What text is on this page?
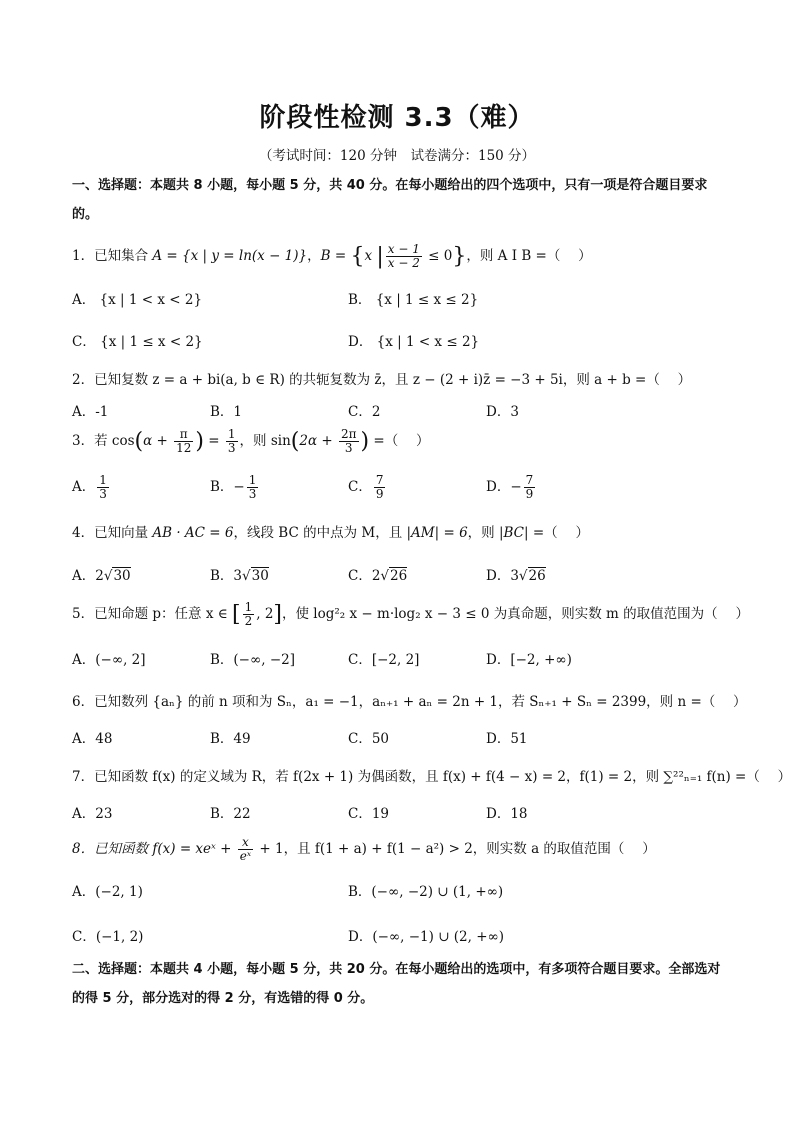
阶段性检测 3.3（难）
（考试时间：120 分钟　试卷满分：150 分）
一、选择题：本题共 8 小题，每小题 5 分，共 40 分。在每小题给出的四个选项中，只有一项是符合题目要求的。
1．已知集合 A = {x | y = ln(x − 1)}，B = {x | $\frac{x - 1}{x - 2} \le 0$}，则 A I B =（　 ）
A． {x | 1 < x < 2}	B． {x | 1 ≤ x ≤ 2}
C． {x | 1 ≤ x < 2}	D． {x | 1 < x ≤ 2}
2．已知复数 z = a + bi(a, b ∈ R) 的共轭复数为 z̄，且 z − (2 + i)z̄ = −3 + 5i，则 a + b =（　 ）
A．-1	B．1	C．2	D．3
3．若 $\cos(\alpha + \frac{\pi}{12}$ ) = $\frac{1}{3}$ ，则 $\sin(2\alpha + \frac{2\pi}{3}$ ) =（　 ）
A． $\frac{1}{3}$	B．− $\frac{1}{3}$	C． $\frac{7}{9}$	D．− $\frac{7}{9}$
4．已知向量 AB · AC = 6，线段 BC 的中点为 M，且 |AM| = 6，则 |BC| =（　 ）
A．2√30	B．3√30	C．2√26	D．3√26
5．已知命题 p：任意 x ∈ [ $\frac{1}{2}$ , 2]，使 log²₂ x − m·log₂ x − 3 ≤ 0 为真命题，则实数 m 的取值范围为（　 ）
A．(−∞, 2]	B．(−∞, −2]	C．[−2, 2]	D．[−2, +∞)
6．已知数列 {aₙ} 的前 n 项和为 Sₙ，a₁ = −1，aₙ₊₁ + aₙ = 2n + 1，若 Sₙ₊₁ + Sₙ = 2399，则 n =（　 ）
A．48	B．49	C．50	D．51
7．已知函数 f(x) 的定义域为 R，若 f(2x + 1) 为偶函数，且 f(x) + f(4 − x) = 2，f(1) = 2，则 ∑²²ₙ₌₁ f(n) =（　 ）
A．23	B．22	C．19	D．18
8．已知函数 f(x) = xeˣ + $\frac{x}{\text{eˣ}} + 1$，且 f(1 + a) + f(1 − a²) > 2，则实数 a 的取值范围（　 ）
A．(−2, 1)	B．(−∞, −2) ∪ (1, +∞)
C．(−1, 2)	D．(−∞, −1) ∪ (2, +∞)
二、选择题：本题共 4 小题，每小题 5 分，共 20 分。在每小题给出的选项中，有多项符合题目要求。全部选对的得 5 分，部分选对的得 2 分，有选错的得 0 分。
